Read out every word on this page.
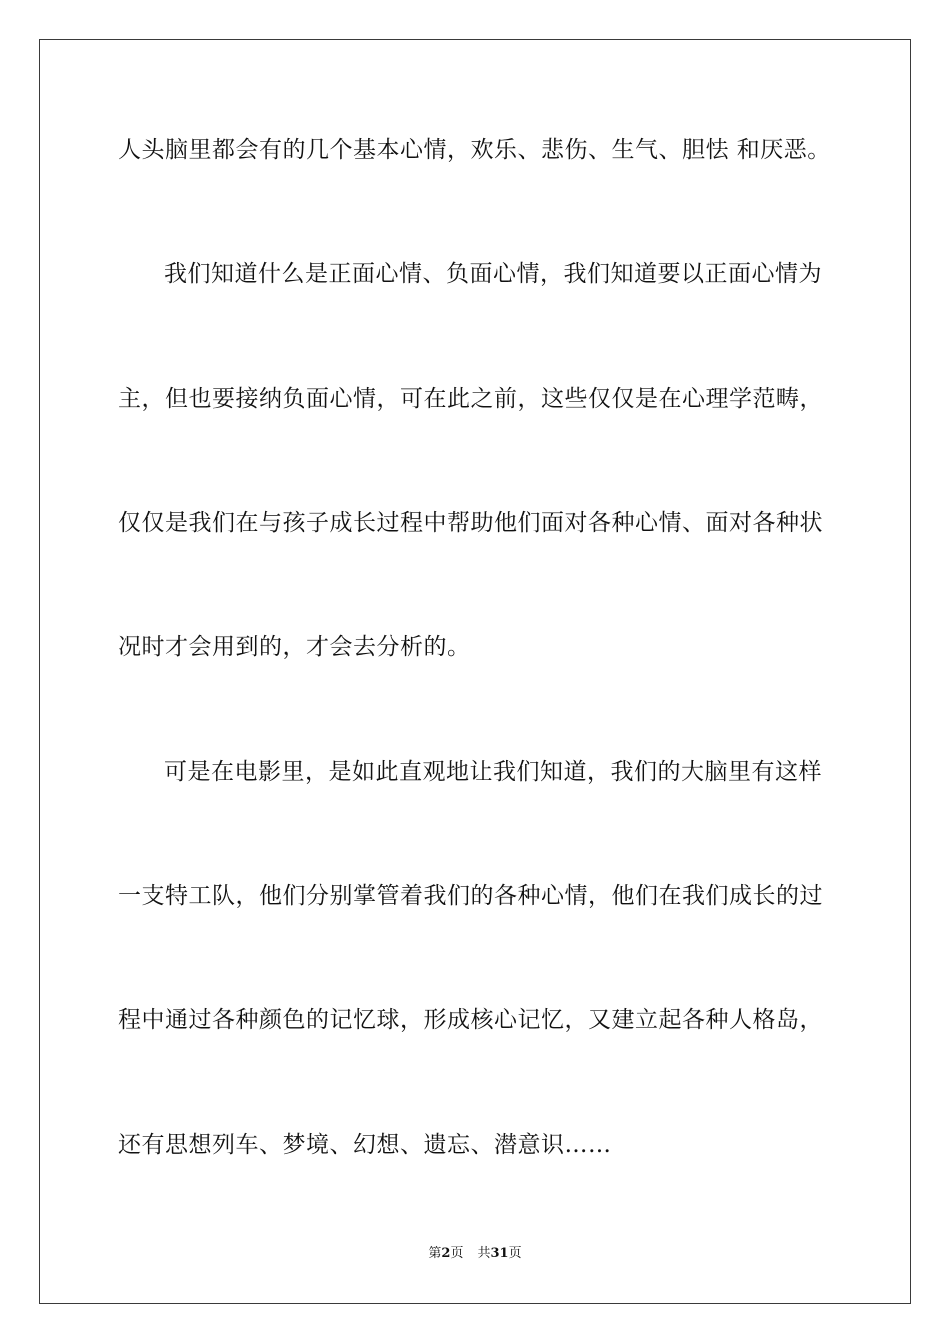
人头脑里都会有的几个基本心情，欢乐、悲伤、生气、胆怯 和厌恶。
我们知道什么是正面心情、负面心情，我们知道要以正面心情为
主，但也要接纳负面心情，可在此之前，这些仅仅是在心理学范畴，
仅仅是我们在与孩子成长过程中帮助他们面对各种心情、面对各种状
况时才会用到的，才会去分析的。
可是在电影里，是如此直观地让我们知道，我们的大脑里有这样
一支特工队，他们分别掌管着我们的各种心情，他们在我们成长的过
程中通过各种颜色的记忆球，形成核心记忆，又建立起各种人格岛，
还有思想列车、梦境、幻想、遗忘、潜意识……
第2页 共31页
